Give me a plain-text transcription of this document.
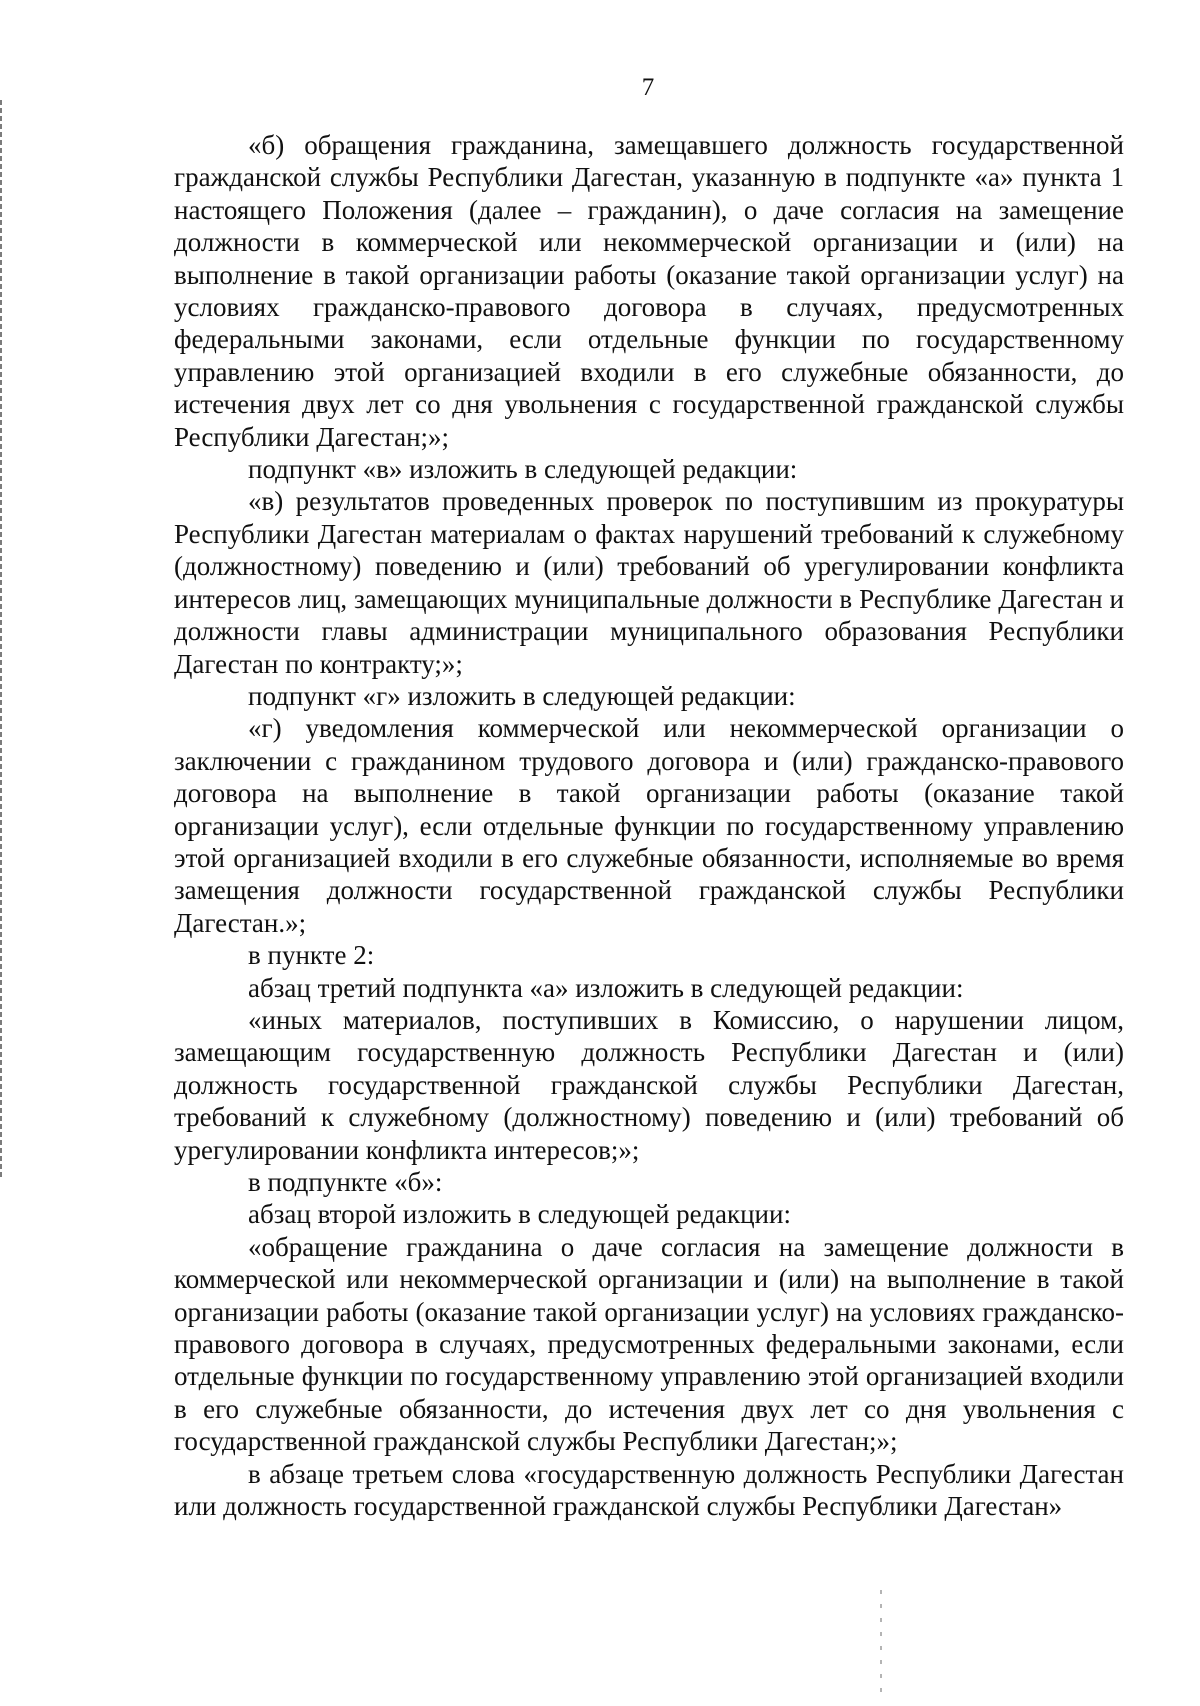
7

«б) обращения гражданина, замещавшего должность государственной гражданской службы Республики Дагестан, указанную в подпункте «а» пункта 1 настоящего Положения (далее – гражданин), о даче согласия на замещение должности в коммерческой или некоммерческой организации и (или) на выполнение в такой организации работы (оказание такой организации услуг) на условиях гражданско-правового договора в случаях, предусмотренных федеральными законами, если отдельные функции по государственному управлению этой организацией входили в его служебные обязанности, до истечения двух лет со дня увольнения с государственной гражданской службы Республики Дагестан;»;

подпункт «в» изложить в следующей редакции:

«в) результатов проведенных проверок по поступившим из прокуратуры Республики Дагестан материалам о фактах нарушений требований к служебному (должностному) поведению и (или) требований об урегулировании конфликта интересов лиц, замещающих муниципальные должности в Республике Дагестан и должности главы администрации муниципального образования Республики Дагестан по контракту;»;

подпункт «г» изложить в следующей редакции:

«г) уведомления коммерческой или некоммерческой организации о заключении с гражданином трудового договора и (или) гражданско-правового договора на выполнение в такой организации работы (оказание такой организации услуг), если отдельные функции по государственному управлению этой организацией входили в его служебные обязанности, исполняемые во время замещения должности государственной гражданской службы Республики Дагестан.»;

в пункте 2:

абзац третий подпункта «а» изложить в следующей редакции:

«иных материалов, поступивших в Комиссию, о нарушении лицом, замещающим государственную должность Республики Дагестан и (или) должность государственной гражданской службы Республики Дагестан, требований к служебному (должностному) поведению и (или) требований об урегулировании конфликта интересов;»;

в подпункте «б»:

абзац второй изложить в следующей редакции:

«обращение гражданина о даче согласия на замещение должности в коммерческой или некоммерческой организации и (или) на выполнение в такой организации работы (оказание такой организации услуг) на условиях гражданско-правового договора в случаях, предусмотренных федеральными законами, если отдельные функции по государственному управлению этой организацией входили в его служебные обязанности, до истечения двух лет со дня увольнения с государственной гражданской службы Республики Дагестан;»;

в абзаце третьем слова «государственную должность Республики Дагестан или должность государственной гражданской службы Республики Дагестан»
